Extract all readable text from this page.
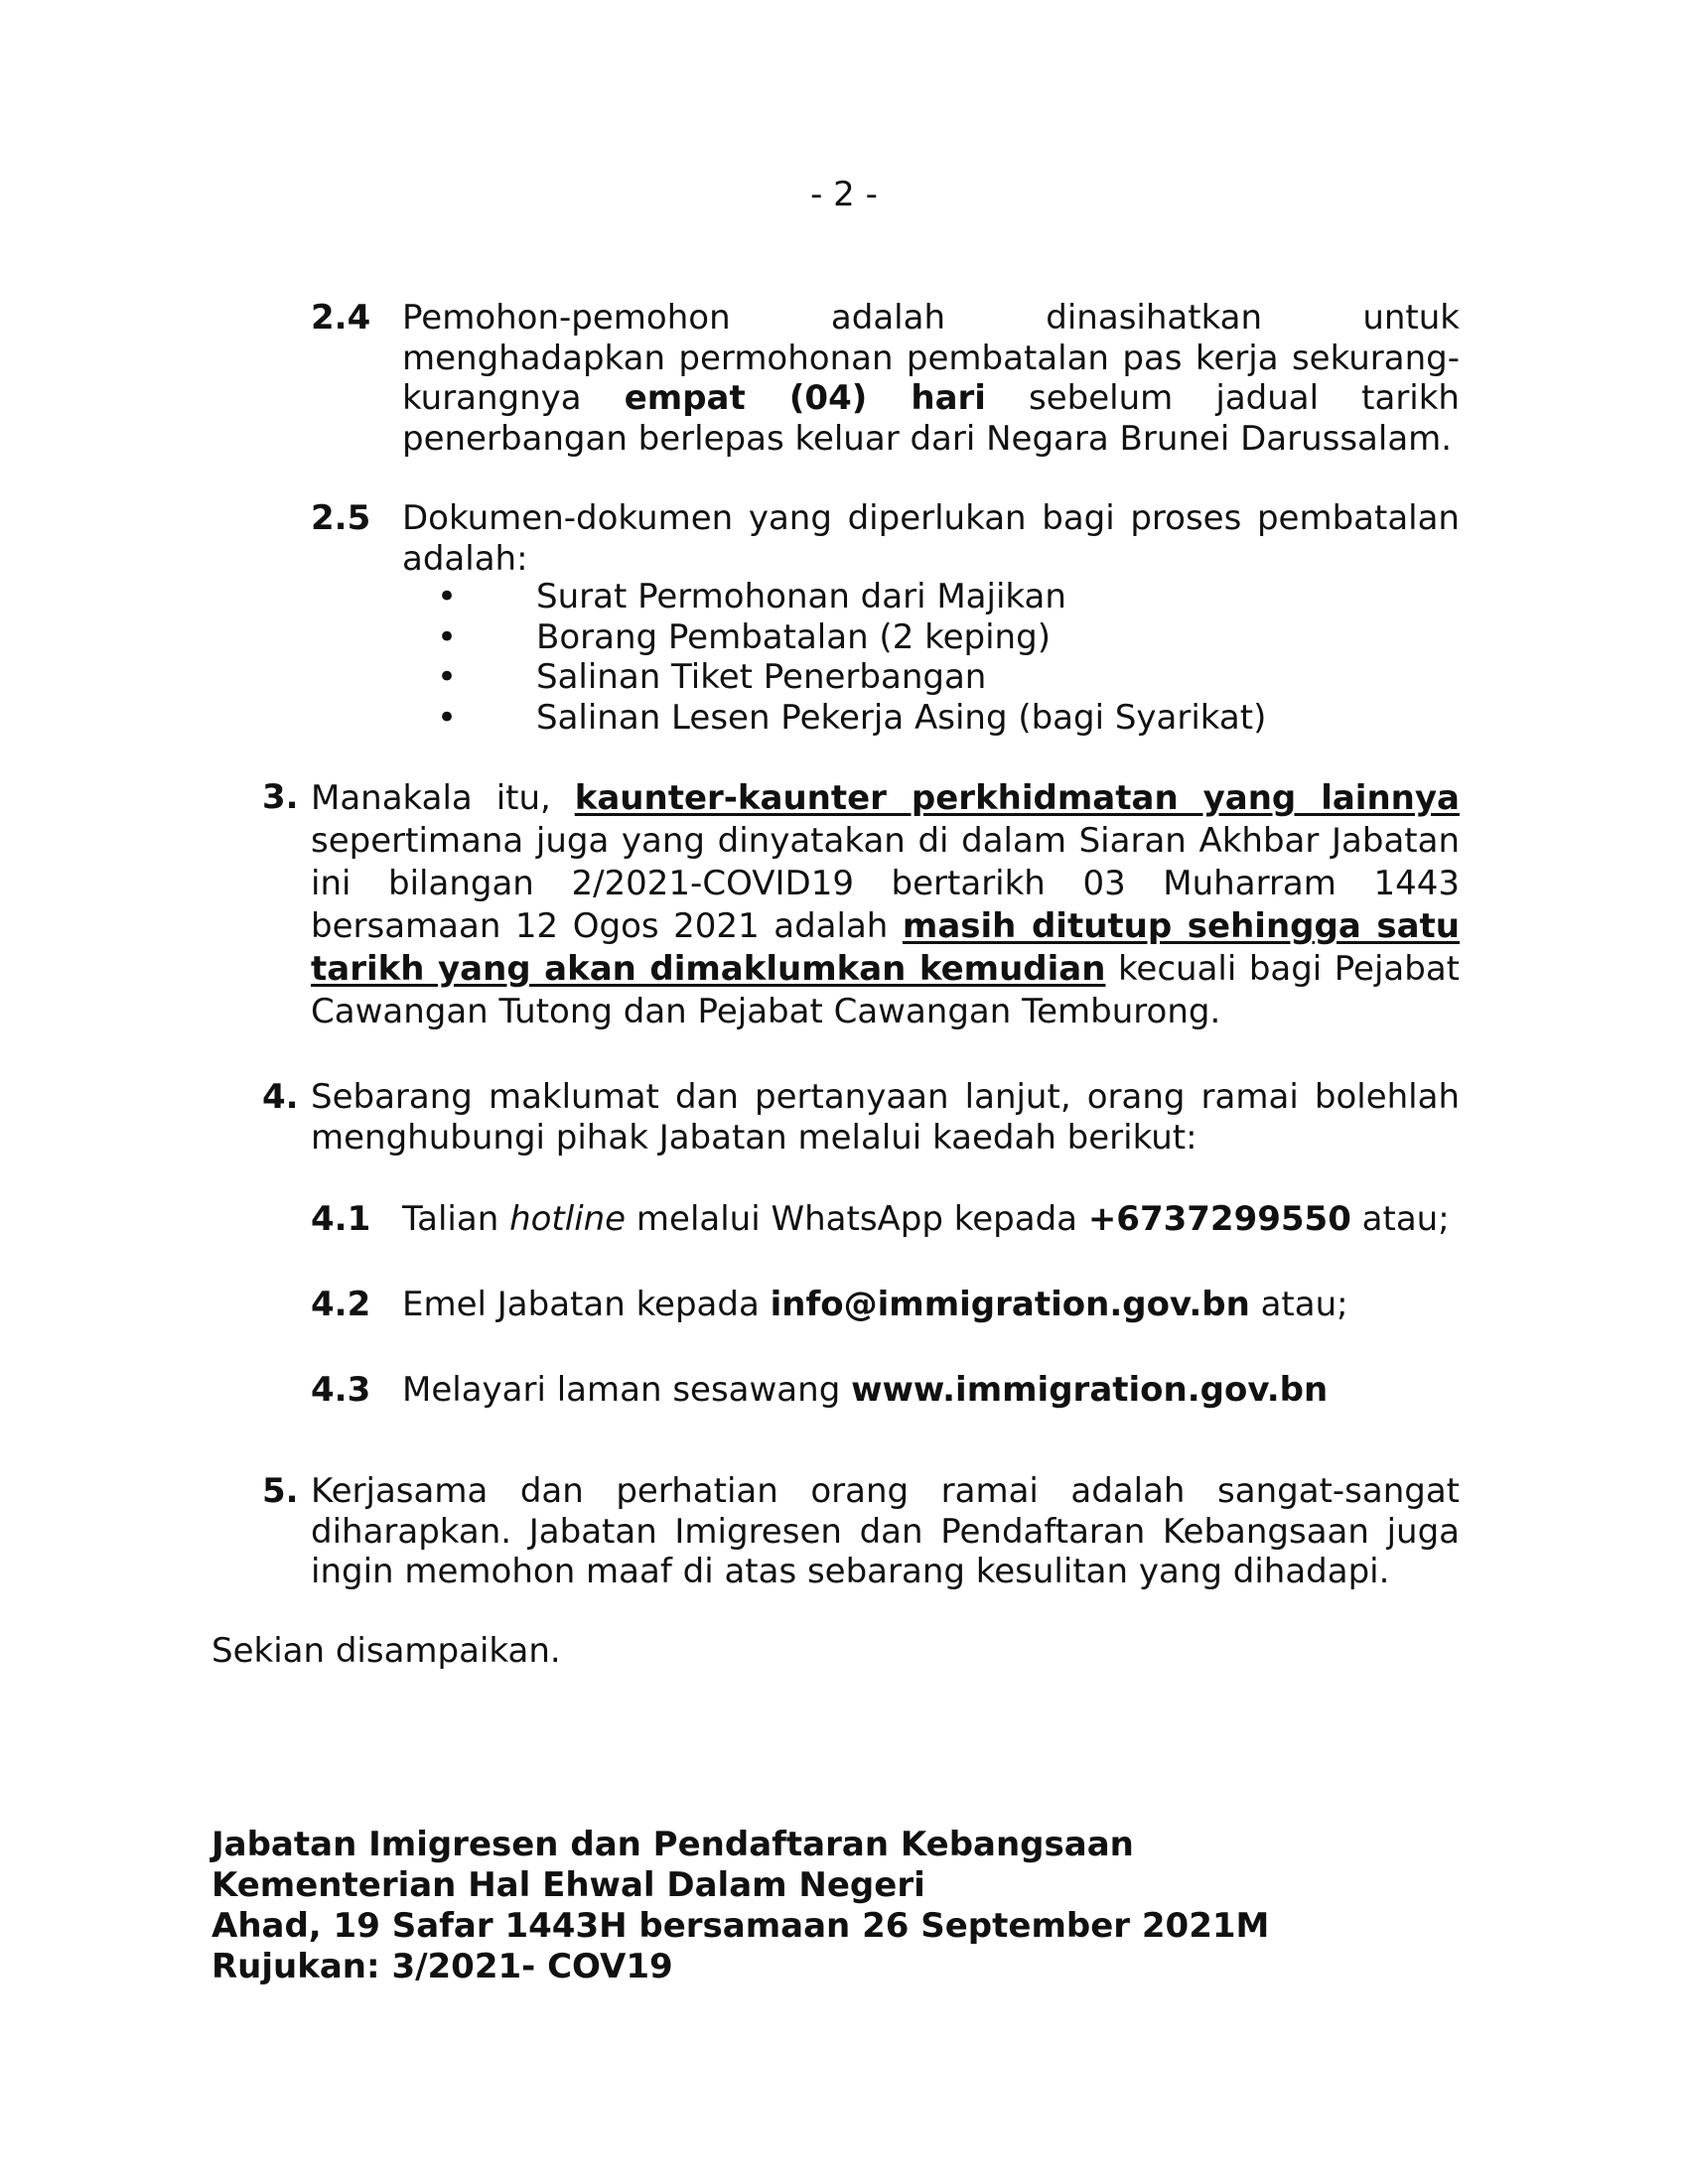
- 2 -
2.4 Pemohon-pemohon adalah dinasihatkan untuk menghadapkan permohonan pembatalan pas kerja sekurang-kurangnya empat (04) hari sebelum jadual tarikh penerbangan berlepas keluar dari Negara Brunei Darussalam.
2.5 Dokumen-dokumen yang diperlukan bagi proses pembatalan adalah:
• Surat Permohonan dari Majikan
• Borang Pembatalan (2 keping)
• Salinan Tiket Penerbangan
• Salinan Lesen Pekerja Asing (bagi Syarikat)
3. Manakala itu, kaunter-kaunter perkhidmatan yang lainnya sepertimana juga yang dinyatakan di dalam Siaran Akhbar Jabatan ini bilangan 2/2021-COVID19 bertarikh 03 Muharram 1443 bersamaan 12 Ogos 2021 adalah masih ditutup sehingga satu tarikh yang akan dimaklumkan kemudian kecuali bagi Pejabat Cawangan Tutong dan Pejabat Cawangan Temburong.
4. Sebarang maklumat dan pertanyaan lanjut, orang ramai bolehlah menghubungi pihak Jabatan melalui kaedah berikut:
4.1 Talian hotline melalui WhatsApp kepada +6737299550 atau;
4.2 Emel Jabatan kepada info@immigration.gov.bn atau;
4.3 Melayari laman sesawang www.immigration.gov.bn
5. Kerjasama dan perhatian orang ramai adalah sangat-sangat diharapkan. Jabatan Imigresen dan Pendaftaran Kebangsaan juga ingin memohon maaf di atas sebarang kesulitan yang dihadapi.
Sekian disampaikan.
Jabatan Imigresen dan Pendaftaran Kebangsaan
Kementerian Hal Ehwal Dalam Negeri
Ahad, 19 Safar 1443H bersamaan 26 September 2021M
Rujukan: 3/2021- COV19
